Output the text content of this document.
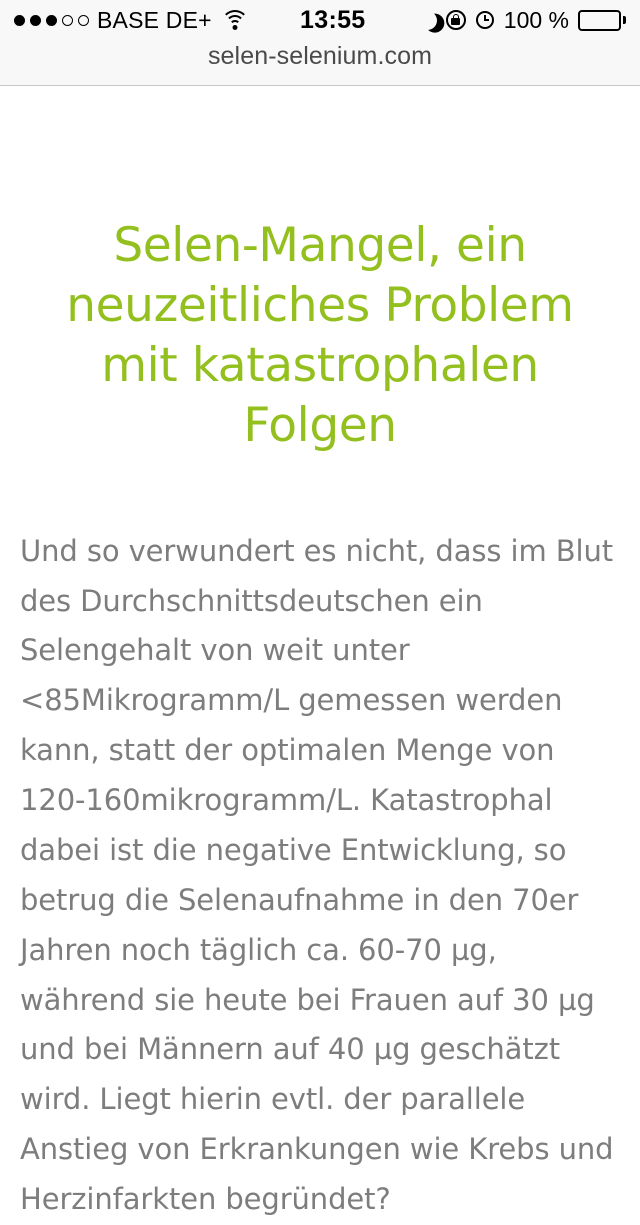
BASE DE+	13:55	100 %
selen-selenium.com
Selen-Mangel, ein neuzeitliches Problem mit katastrophalen Folgen

Und so verwundert es nicht, dass im Blut des Durchschnittsdeutschen ein Selengehalt von weit unter <85Mikrogramm/L gemessen werden kann, statt der optimalen Menge von 120-160mikrogramm/L. Katastrophal dabei ist die negative Entwicklung, so betrug die Selenaufnahme in den 70er Jahren noch täglich ca. 60-70 µg, während sie heute bei Frauen auf 30 µg und bei Männern auf 40 µg geschätzt wird. Liegt hierin evtl. der parallele Anstieg von Erkrankungen wie Krebs und Herzinfarkten begründet?
